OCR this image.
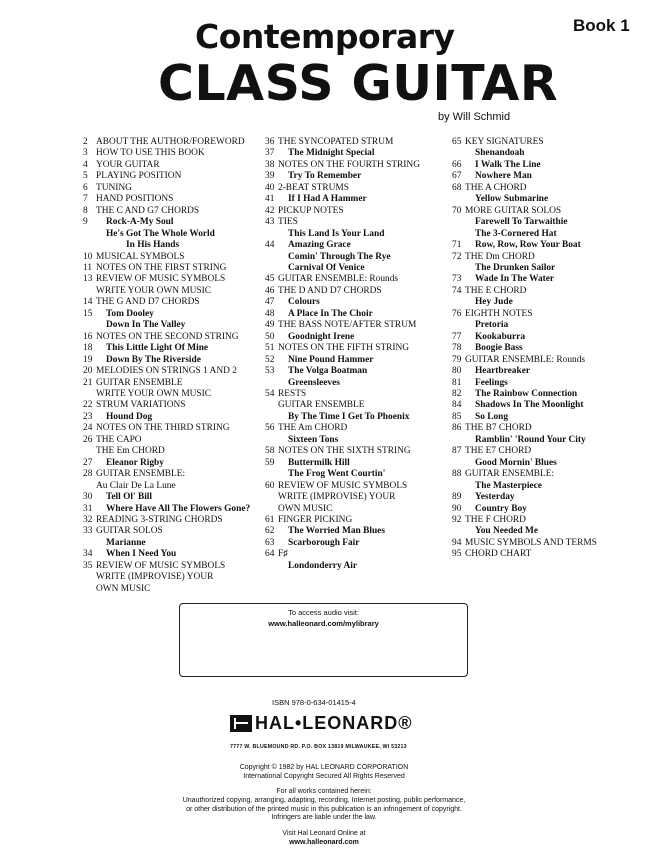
Book 1
Contemporary
CLASS GUITAR
by Will Schmid
2 ABOUT THE AUTHOR/FOREWORD
3 HOW TO USE THIS BOOK
4 YOUR GUITAR
5 PLAYING POSITION
6 TUNING
7 HAND POSITIONS
8 THE C AND G7 CHORDS
9	Rock-A-My Soul
He's Got The Whole World
In His Hands
10 MUSICAL SYMBOLS
11 NOTES ON THE FIRST STRING
13 REVIEW OF MUSIC SYMBOLS
WRITE YOUR OWN MUSIC
14 THE G AND D7 CHORDS
15	Tom Dooley
Down In The Valley
16 NOTES ON THE SECOND STRING
18	This Little Light Of Mine
19	Down By The Riverside
20 MELODIES ON STRINGS 1 AND 2
21 GUITAR ENSEMBLE
WRITE YOUR OWN MUSIC
22 STRUM VARIATIONS
23	Hound Dog
24 NOTES ON THE THIRD STRING
26 THE CAPO
THE Em CHORD
27	Eleanor Rigby
28 GUITAR ENSEMBLE:
Au Clair De La Lune
30	Tell Ol' Bill
31	Where Have All The Flowers Gone?
32 READING 3-STRING CHORDS
33 GUITAR SOLOS
Marianne
34	When I Need You
35 REVIEW OF MUSIC SYMBOLS
WRITE (IMPROVISE) YOUR
OWN MUSIC
36 THE SYNCOPATED STRUM
37	The Midnight Special
38 NOTES ON THE FOURTH STRING
39	Try To Remember
40 2-BEAT STRUMS
41	If I Had A Hammer
42 PICKUP NOTES
43 TIES
This Land Is Your Land
44	Amazing Grace
Comin' Through The Rye
Carnival Of Venice
45 GUITAR ENSEMBLE: Rounds
46 THE D AND D7 CHORDS
47	Colours
48	A Place In The Choir
49 THE BASS NOTE/AFTER STRUM
50	Goodnight Irene
51 NOTES ON THE FIFTH STRING
52	Nine Pound Hammer
53	The Volga Boatman
Greensleeves
54 RESTS
GUITAR ENSEMBLE
By The Time I Get To Phoenix
56 THE Am CHORD
Sixteen Tons
58 NOTES ON THE SIXTH STRING
59	Buttermilk Hill
The Frog Went Courtin'
60 REVIEW OF MUSIC SYMBOLS
WRITE (IMPROVISE) YOUR
OWN MUSIC
61 FINGER PICKING
62	The Worried Man Blues
63	Scarborough Fair
64 F♯
Londonderry Air
65 KEY SIGNATURES
Shenandoah
66	I Walk The Line
67	Nowhere Man
68 THE A CHORD
Yellow Submarine
70 MORE GUITAR SOLOS
Farewell To Tarwaithie
The 3-Cornered Hat
71	Row, Row, Row Your Boat
72 THE Dm CHORD
The Drunken Sailor
73	Wade In The Water
74 THE E CHORD
Hey Jude
76 EIGHTH NOTES
Pretoria
77	Kookaburra
78	Boogie Bass
79 GUITAR ENSEMBLE: Rounds
80	Heartbreaker
81	Feelings
82	The Rainbow Connection
84	Shadows In The Moonlight
85	So Long
86 THE B7 CHORD
Ramblin' 'Round Your City
87 THE E7 CHORD
Good Mornin' Blues
88 GUITAR ENSEMBLE:
The Masterpiece
89	Yesterday
90	Country Boy
92 THE F CHORD
You Needed Me
94 MUSIC SYMBOLS AND TERMS
95 CHORD CHART
To access audio visit:
www.halleonard.com/mylibrary
ISBN 978-0-634-01415-4
HAL•LEONARD®
7777 W. BLUEMOUND RD. P.O. BOX 13819 MILWAUKEE, WI 53213
Copyright © 1982 by HAL LEONARD CORPORATION
International Copyright Secured All Rights Reserved
For all works contained herein:
Unauthorized copying, arranging, adapting, recording, Internet posting, public performance,
or other distribution of the printed music in this publication is an infringement of copyright.
Infringers are liable under the law.
Visit Hal Leonard Online at
www.halleonard.com
